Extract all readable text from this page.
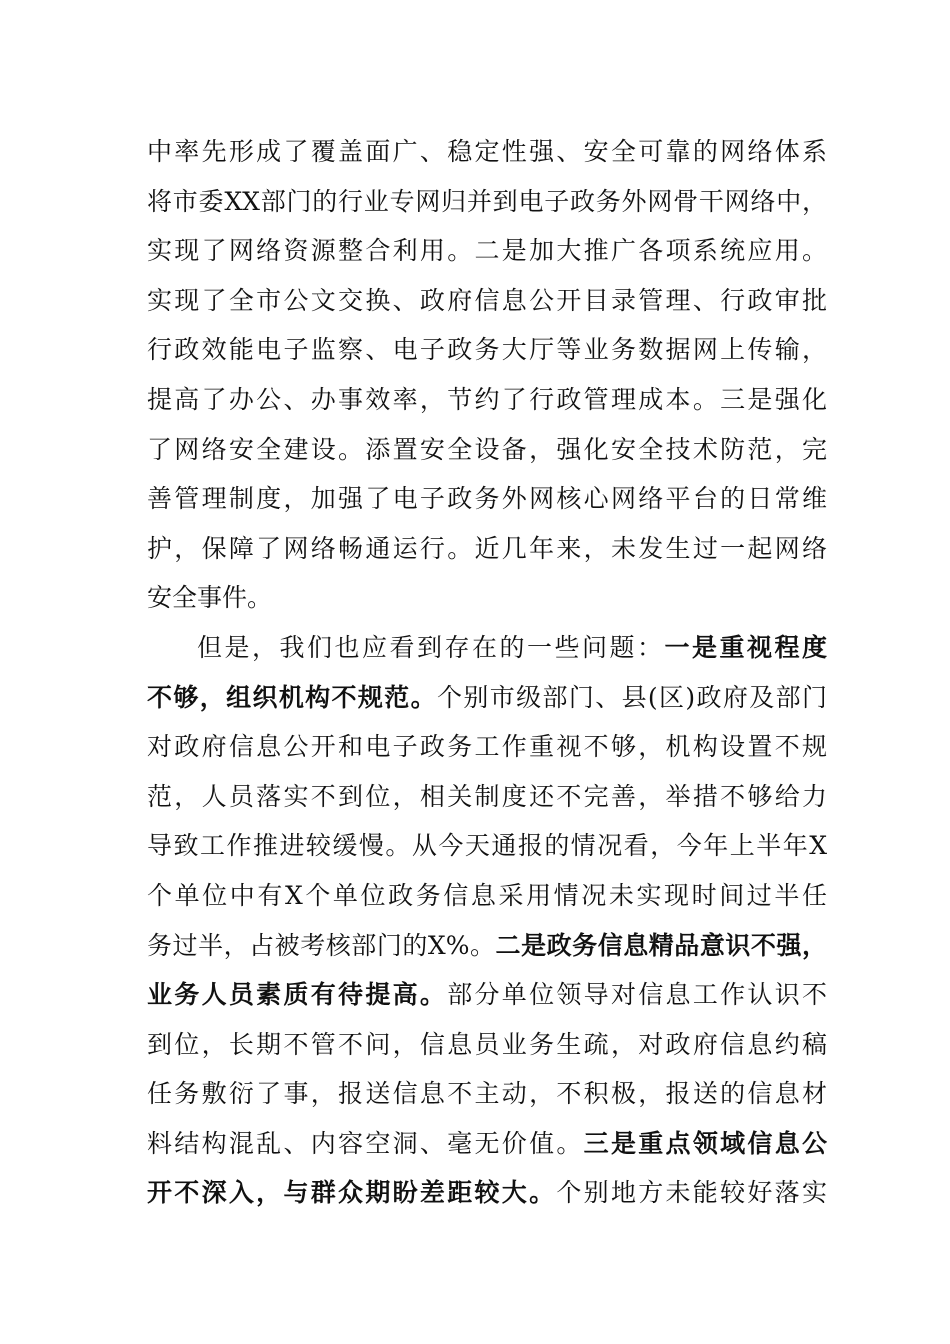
中率先形成了覆盖面广、稳定性强、安全可靠的网络体系
将市委XX部门的行业专网归并到电子政务外网骨干网络中，
实现了网络资源整合利用。二是加大推广各项系统应用。
实现了全市公文交换、政府信息公开目录管理、行政审批
行政效能电子监察、电子政务大厅等业务数据网上传输，
提高了办公、办事效率，节约了行政管理成本。三是强化
了网络安全建设。添置安全设备，强化安全技术防范，完
善管理制度，加强了电子政务外网核心网络平台的日常维
护，保障了网络畅通运行。近几年来，未发生过一起网络
安全事件。
但是，我们也应看到存在的一些问题：一是重视程度
不够，组织机构不规范。个别市级部门、县(区)政府及部门
对政府信息公开和电子政务工作重视不够，机构设置不规
范，人员落实不到位，相关制度还不完善，举措不够给力
导致工作推进较缓慢。从今天通报的情况看，今年上半年X
个单位中有X个单位政务信息采用情况未实现时间过半任
务过半，占被考核部门的X%。二是政务信息精品意识不强，
业务人员素质有待提高。部分单位领导对信息工作认识不
到位，长期不管不问，信息员业务生疏，对政府信息约稿
任务敷衍了事，报送信息不主动，不积极，报送的信息材
料结构混乱、内容空洞、毫无价值。三是重点领域信息公
开不深入，与群众期盼差距较大。个别地方未能较好落实
